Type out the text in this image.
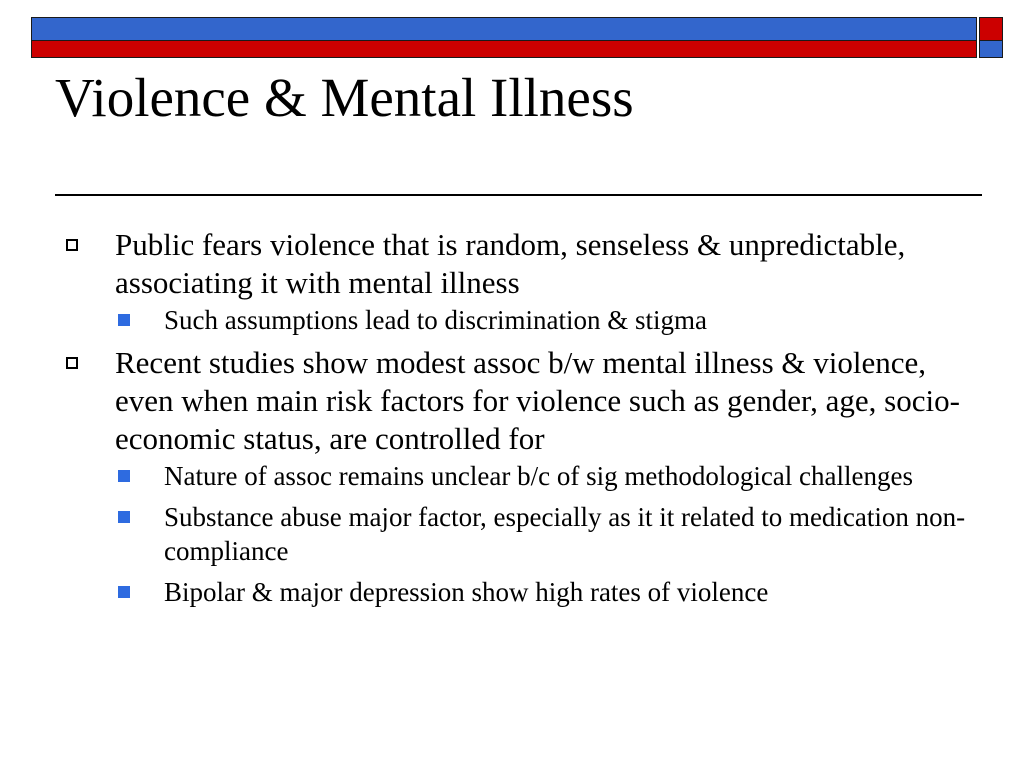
Violence & Mental Illness
Public fears violence that is random, senseless & unpredictable, associating it with mental illness
Such assumptions lead to discrimination & stigma
Recent studies show modest assoc b/w mental illness & violence, even when main risk factors for violence such as gender, age, socio-economic status, are controlled for
Nature of assoc remains unclear b/c of sig methodological challenges
Substance abuse major factor, especially as it it related to medication non-compliance
Bipolar & major depression show high rates of violence
